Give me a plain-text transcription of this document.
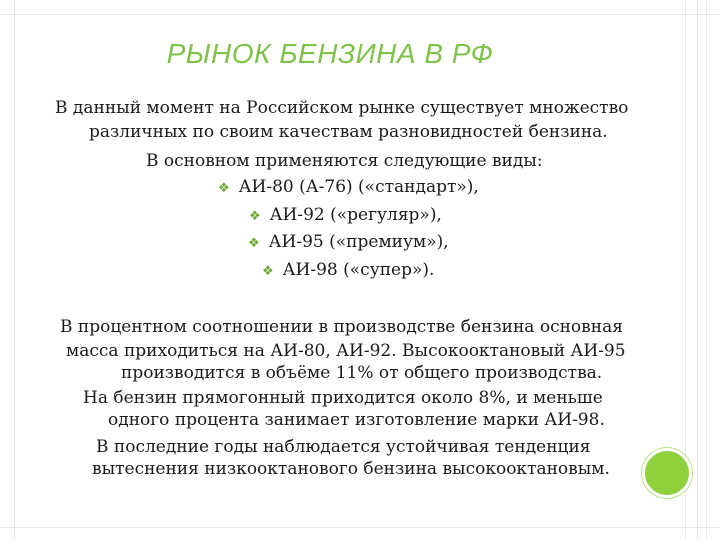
РЫНОК БЕНЗИНА В РФ
В данный момент на Российском рынке существует множество
различных по своим качествам разновидностей бензина.
В основном применяются следующие виды:
❖ АИ-80 (А-76) («стандарт»),
❖ АИ-92 («регуляр»),
❖ АИ-95 («премиум»),
❖ АИ-98 («супер»).
В процентном соотношении в производстве бензина основная
масса приходиться на АИ-80, АИ-92. Высокооктановый АИ-95
производится в объёме 11% от общего производства.
На бензин прямогонный приходится около 8%, и меньше
одного процента занимает изготовление марки АИ-98.
В последние годы наблюдается устойчивая тенденция
вытеснения низкооктанового бензина высокооктановым.
